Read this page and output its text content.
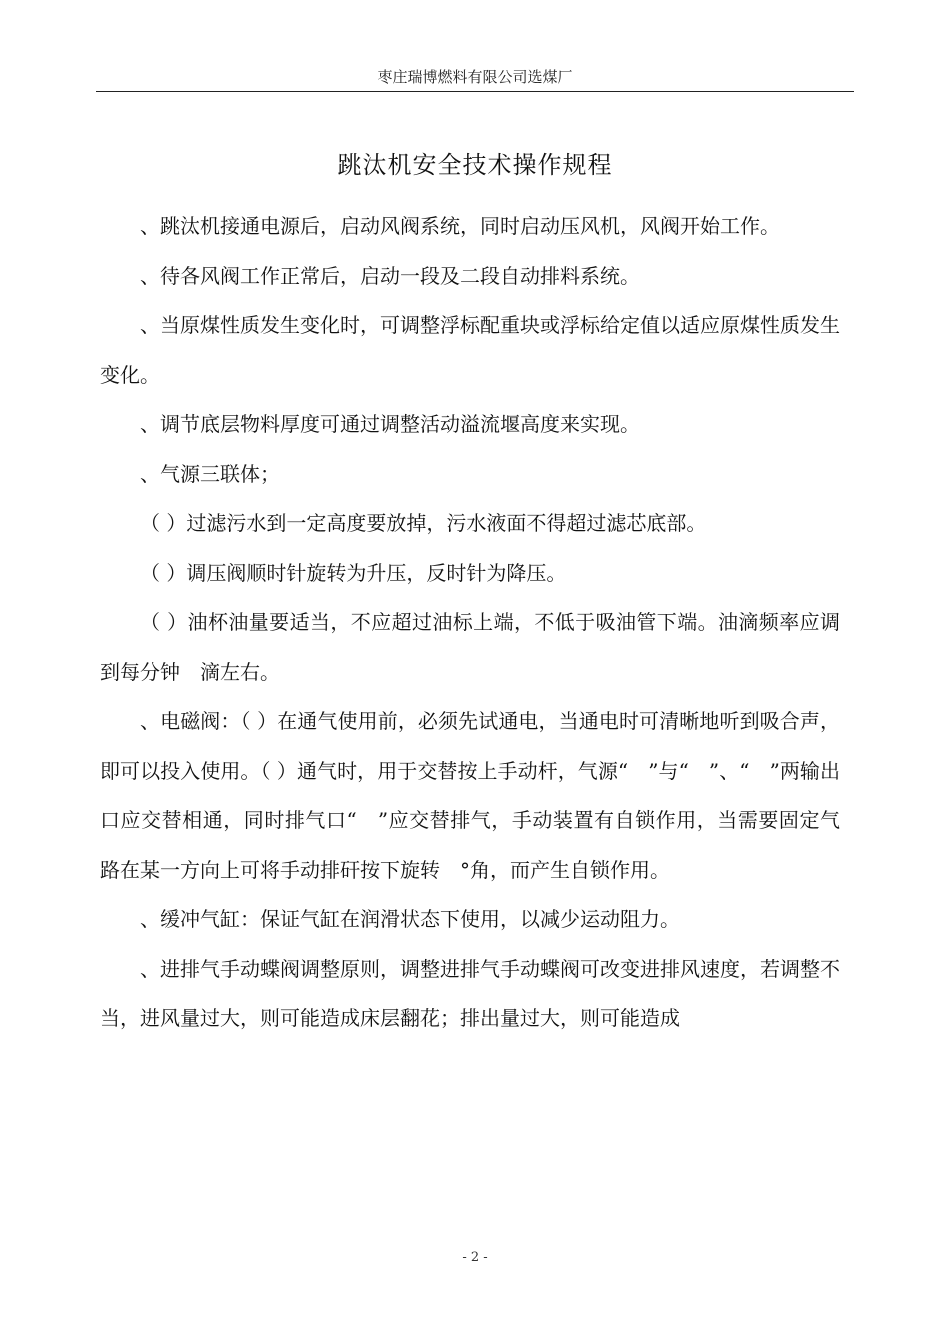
枣庄瑞博燃料有限公司选煤厂
跳汰机安全技术操作规程

、跳汰机接通电源后，启动风阀系统，同时启动压风机，风阀开始工作。

、待各风阀工作正常后，启动一段及二段自动排料系统。

、当原煤性质发生变化时，可调整浮标配重块或浮标给定值以适应原煤性质发生变化。

、调节底层物料厚度可通过调整活动溢流堰高度来实现。

、气源三联体；

（ ）过滤污水到一定高度要放掉，污水液面不得超过滤芯底部。

（ ）调压阀顺时针旋转为升压，反时针为降压。

（ ）油杯油量要适当，不应超过油标上端，不低于吸油管下端。油滴频率应调到每分钟　滴左右。

、电磁阀：（ ）在通气使用前，必须先试通电，当通电时可清晰地听到吸合声，即可以投入使用。（ ）通气时，用于交替按上手动杆，气源“　”与“　”、“　”两输出口应交替相通，同时排气口“　”应交替排气，手动装置有自锁作用，当需要固定气路在某一方向上可将手动排矸按下旋转　°角，而产生自锁作用。

、缓冲气缸：保证气缸在润滑状态下使用，以减少运动阻力。

、进排气手动蝶阀调整原则，调整进排气手动蝶阀可改变进排风速度，若调整不当，进风量过大，则可能造成床层翻花；排出量过大，则可能造成

- 2 -
